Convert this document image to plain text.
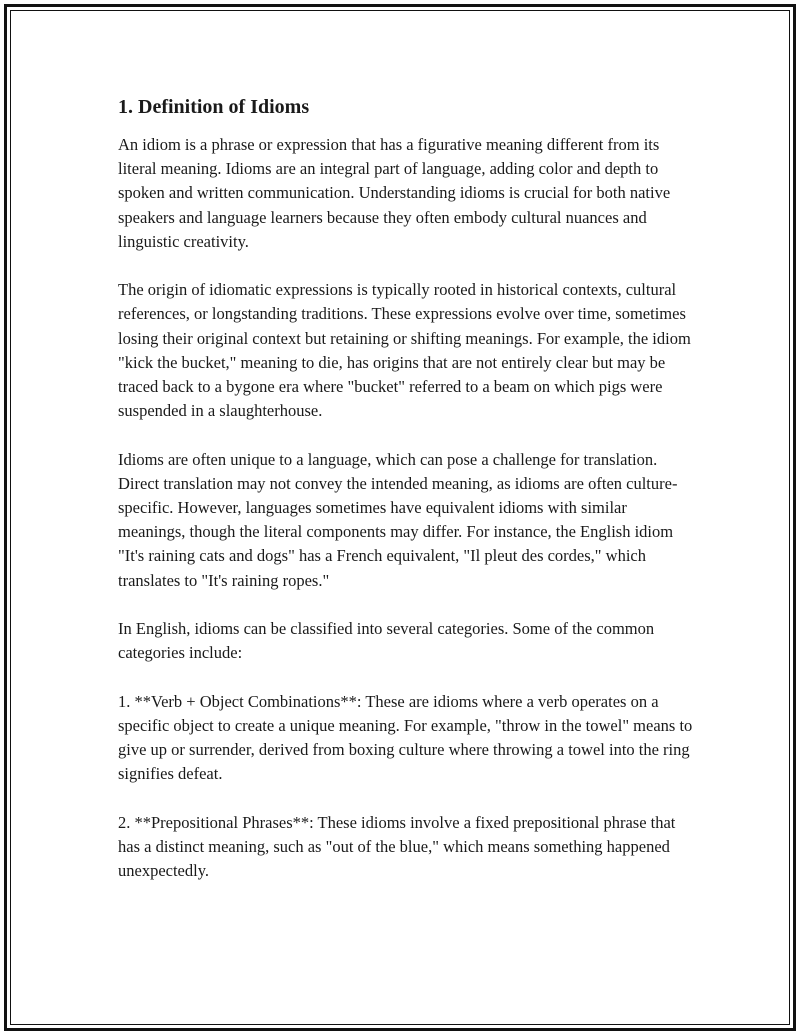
1. Definition of Idioms

An idiom is a phrase or expression that has a figurative meaning different from its literal meaning. Idioms are an integral part of language, adding color and depth to spoken and written communication. Understanding idioms is crucial for both native speakers and language learners because they often embody cultural nuances and linguistic creativity.

The origin of idiomatic expressions is typically rooted in historical contexts, cultural references, or longstanding traditions. These expressions evolve over time, sometimes losing their original context but retaining or shifting meanings. For example, the idiom "kick the bucket," meaning to die, has origins that are not entirely clear but may be traced back to a bygone era where "bucket" referred to a beam on which pigs were suspended in a slaughterhouse.

Idioms are often unique to a language, which can pose a challenge for translation. Direct translation may not convey the intended meaning, as idioms are often culture-specific. However, languages sometimes have equivalent idioms with similar meanings, though the literal components may differ. For instance, the English idiom "It's raining cats and dogs" has a French equivalent, "Il pleut des cordes," which translates to "It's raining ropes."

In English, idioms can be classified into several categories. Some of the common categories include:

1. **Verb + Object Combinations**: These are idioms where a verb operates on a specific object to create a unique meaning. For example, "throw in the towel" means to give up or surrender, derived from boxing culture where throwing a towel into the ring signifies defeat.

2. **Prepositional Phrases**: These idioms involve a fixed prepositional phrase that has a distinct meaning, such as "out of the blue," which means something happened unexpectedly.
